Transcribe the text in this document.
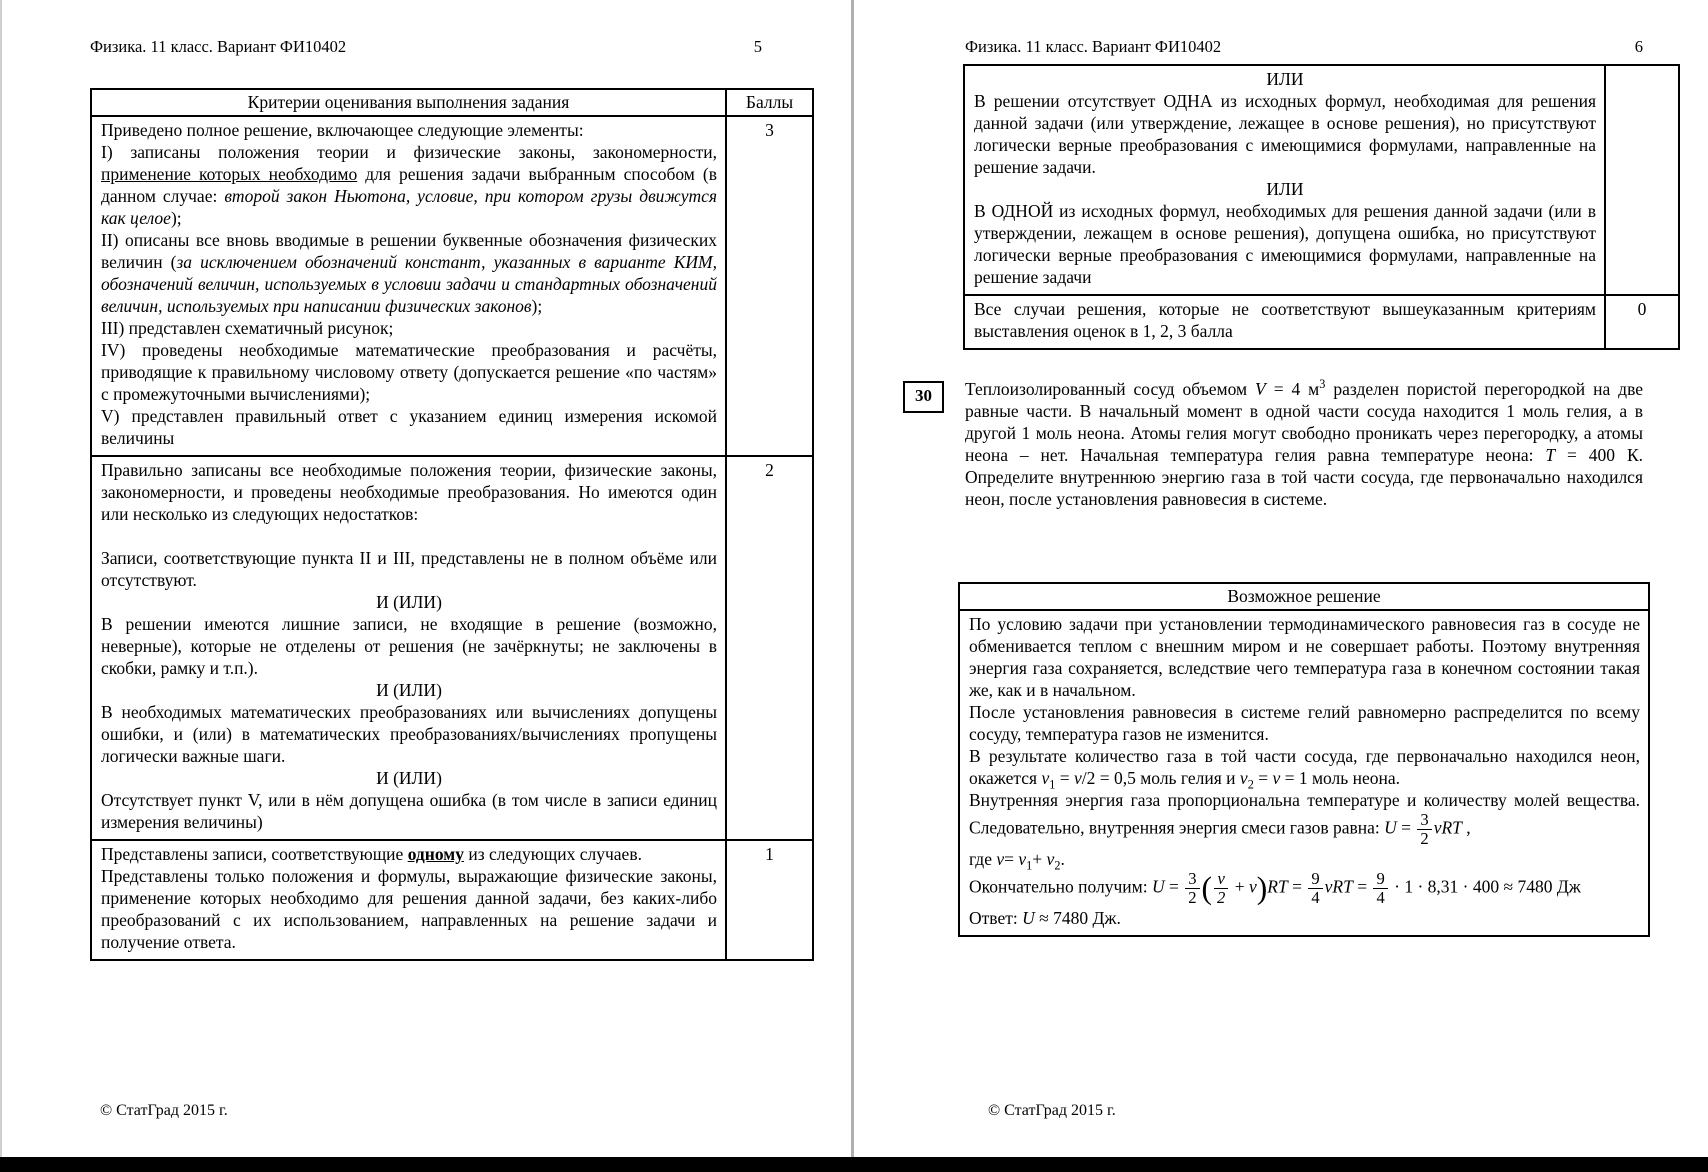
Физика. 11 класс. Вариант ФИ10402	5
Критерии оценивания выполнения задания	Баллы

Приведено полное решение, включающее следующие элементы:
I) записаны положения теории и физические законы, закономерности, применение которых необходимо для решения задачи выбранным способом (в данном случае: второй закон Ньютона, условие, при котором грузы движутся как целое);
II) описаны все вновь вводимые в решении буквенные обозначения физических величин (за исключением обозначений констант, указанных в варианте КИМ, обозначений величин, используемых в условии задачи и стандартных обозначений величин, используемых при написании физических законов);
III) представлен схематичный рисунок;
IV) проведены необходимые математические преобразования и расчёты, приводящие к правильному числовому ответу (допускается решение «по частям» с промежуточными вычислениями);
V) представлен правильный ответ с указанием единиц измерения искомой величины
	3

Правильно записаны все необходимые положения теории, физические законы, закономерности, и проведены необходимые преобразования. Но имеются один или несколько из следующих недостатков:

Записи, соответствующие пункта II и III, представлены не в полном объёме или отсутствуют.
И (ИЛИ)
В решении имеются лишние записи, не входящие в решение (возможно, неверные), которые не отделены от решения (не зачёркнуты; не заключены в скобки, рамку и т.п.).
И (ИЛИ)
В необходимых математических преобразованиях или вычислениях допущены ошибки, и (или) в математических преобразованиях/вычислениях пропущены логически важные шаги.
И (ИЛИ)
Отсутствует пункт V, или в нём допущена ошибка (в том числе в записи единиц измерения величины)
	2

Представлены записи, соответствующие одному из следующих случаев.
Представлены только положения и формулы, выражающие физические законы, применение которых необходимо для решения данной задачи, без каких-либо преобразований с их использованием, направленных на решение задачи и получение ответа.	1
© СтатГрад 2015 г.
Физика. 11 класс. Вариант ФИ10402	6
ИЛИ
В решении отсутствует ОДНА из исходных формул, необходимая для решения данной задачи (или утверждение, лежащее в основе решения), но присутствуют логически верные преобразования с имеющимися формулами, направленные на решение задачи.
ИЛИ
В ОДНОЙ из исходных формул, необходимых для решения данной задачи (или в утверждении, лежащем в основе решения), допущена ошибка, но присутствуют логически верные преобразования с имеющимися формулами, направленные на решение задачи	

Все случаи решения, которые не соответствуют вышеуказанным критериям выставления оценок в 1, 2, 3 балла	0
30	Теплоизолированный сосуд объемом V = 4 $м^3$ разделен пористой перегородкой на две равные части. В начальный момент в одной части сосуда находится 1 моль гелия, а в другой 1 моль неона. Атомы гелия могут свободно проникать через перегородку, а атомы неона – нет. Начальная температура гелия равна температуре неона: T = 400 К. Определите внутреннюю энергию газа в той части сосуда, где первоначально находился неон, после установления равновесия в системе.
Возможное решение

По условию задачи при установлении термодинамического равновесия газ в сосуде не обменивается теплом с внешним миром и не совершает работы. Поэтому внутренняя энергия газа сохраняется, вследствие чего температура газа в конечном состоянии такая же, как и в начальном.
После установления равновесия в системе гелий равномерно распределится по всему сосуду, температура газов не изменится.
В результате количество газа в той части сосуда, где первоначально находился неон, окажется $\nu_1 = \nu/2 = 0,5$ моль гелия и $\nu_2 = \nu = 1$ моль неона.
Внутренняя энергия газа пропорциональна температуре и количеству молей вещества. Следовательно, внутренняя энергия смеси газов равна: $U = \frac{3}{2}$ νRT ,
где $\nu= \nu_1+ \nu_2$.
Окончательно получим: $U = \frac{3}{2}$ ( $\frac{\nu}{2} + \nu)RT = \frac{9}{4}$ $\nu RT = \frac{9}{4} \cdot 1 \cdot 8,31 \cdot 400 \approx 7480$ Дж
Ответ: U ≈ 7480 Дж.
© СтатГрад 2015 г.
